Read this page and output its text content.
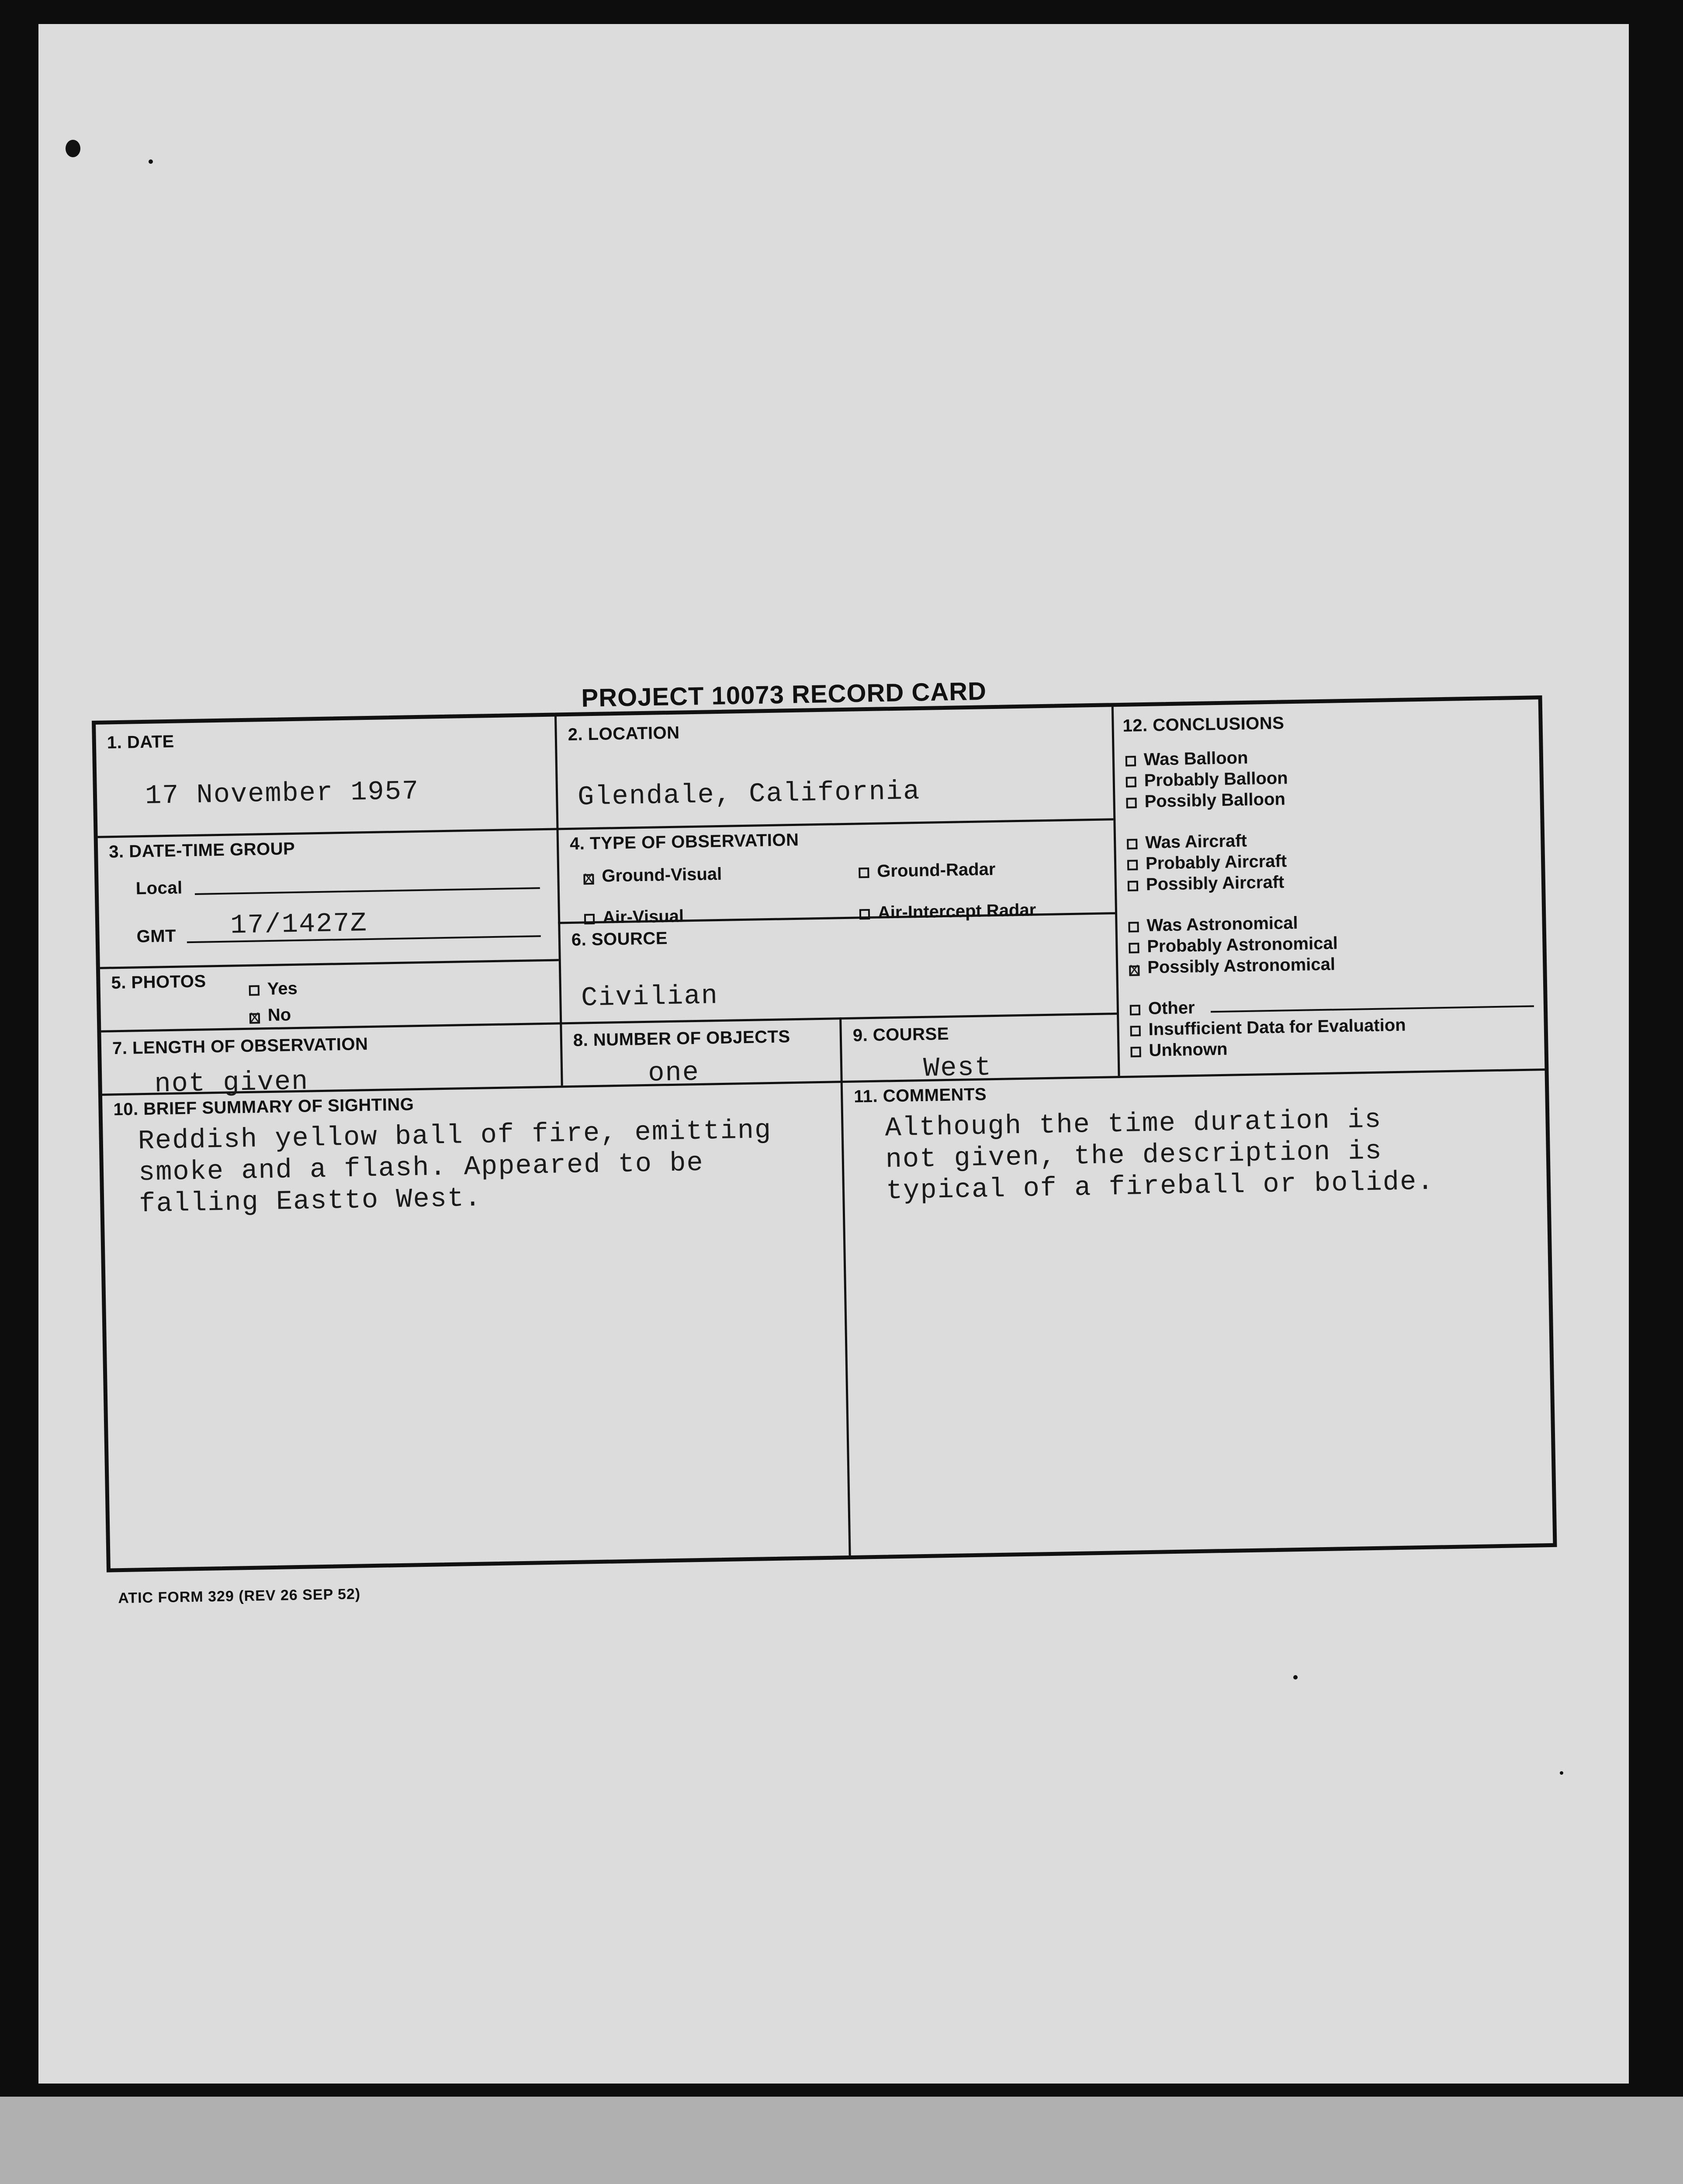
PROJECT 10073 RECORD CARD
1. DATE
17 November 1957
2. LOCATION
Glendale, California
3. DATE-TIME GROUP
Local
GMT 17/1427Z
4. TYPE OF OBSERVATION
xGround-Visual	Ground-Radar
Air-Visual	Air-Intercept Radar
5. PHOTOS	Yes
xNo
6. SOURCE
Civilian
7. LENGTH OF OBSERVATION
not given
8. NUMBER OF OBJECTS
one
9. COURSE
West
12. CONCLUSIONS
Was Balloon
Probably Balloon
Possibly Balloon
Was Aircraft
Probably Aircraft
Possibly Aircraft
Was Astronomical
Probably Astronomical
xPossibly Astronomical
Other
Insufficient Data for Evaluation
Unknown
10. BRIEF SUMMARY OF SIGHTING
Reddish yellow ball of fire, emitting
smoke and a flash. Appeared to be
falling Eastto West.
11. COMMENTS
Although the time duration is
not given, the description is
typical of a fireball or bolide.
ATIC FORM 329 (REV 26 SEP 52)
